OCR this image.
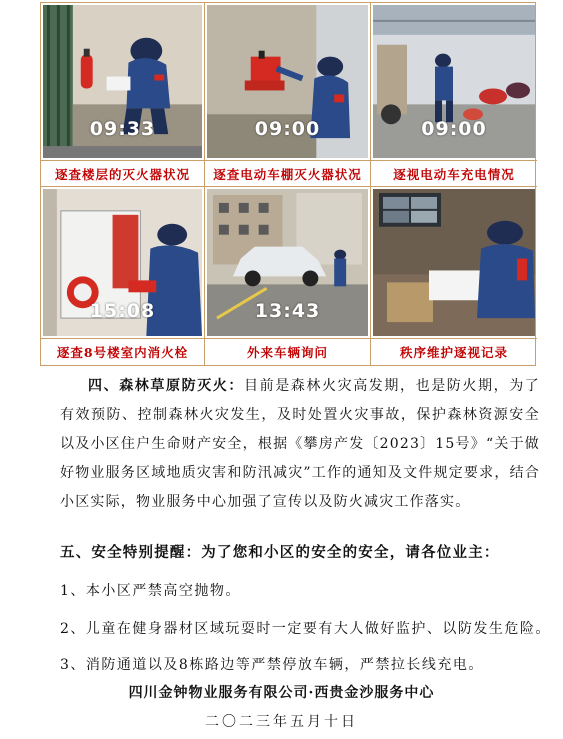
09:33	09:00	09:00
逐查楼层的灭火器状况	逐查电动车棚灭火器状况	逐视电动车充电情况
15:08	13:43
逐查8号楼室内消火栓	外来车辆询问	秩序维护逐视记录

四、森林草原防灭火：目前是森林火灾高发期，也是防火期，为了有效预防、控制森林火灾发生，及时处置火灾事故，保护森林资源安全以及小区住户生命财产安全，根据《攀房产发〔2023〕15号》“关于做好物业服务区域地质灾害和防汛减灾”工作的通知及文件规定要求，结合小区实际，物业服务中心加强了宣传以及防火减灾工作落实。

五、安全特别提醒：为了您和小区的安全的安全，请各位业主：
1、本小区严禁高空抛物。
2、儿童在健身器材区域玩耍时一定要有大人做好监护、以防发生危险。
3、消防通道以及8栋路边等严禁停放车辆，严禁拉长线充电。
四川金钟物业服务有限公司·西贵金沙服务中心
二〇二三年五月十日
